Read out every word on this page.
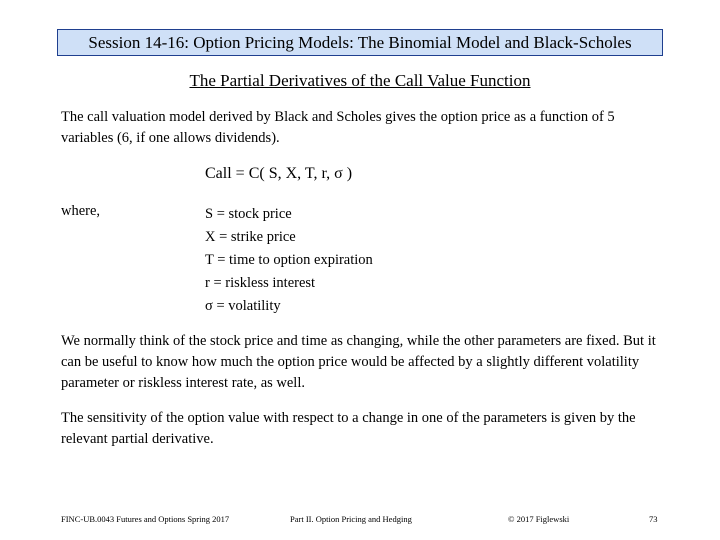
Session 14-16: Option Pricing Models: The Binomial Model and Black-Scholes
The Partial Derivatives of the Call Value Function
The call valuation model derived by Black and Scholes gives the option price as a function of 5 variables (6, if one allows dividends).
Call = C( S, X, T, r, σ )
where,	S = stock price
X = strike price
T = time to option expiration
r = riskless interest
σ = volatility
We normally think of the stock price and time as changing, while the other parameters are fixed. But it can be useful to know how much the option price would be affected by a slightly different volatility parameter or riskless interest rate, as well.
The sensitivity of the option value with respect to a change in one of the parameters is given by the relevant partial derivative.
FINC-UB.0043 Futures and Options Spring 2017	Part II. Option Pricing and Hedging	© 2017 Figlewski	73
